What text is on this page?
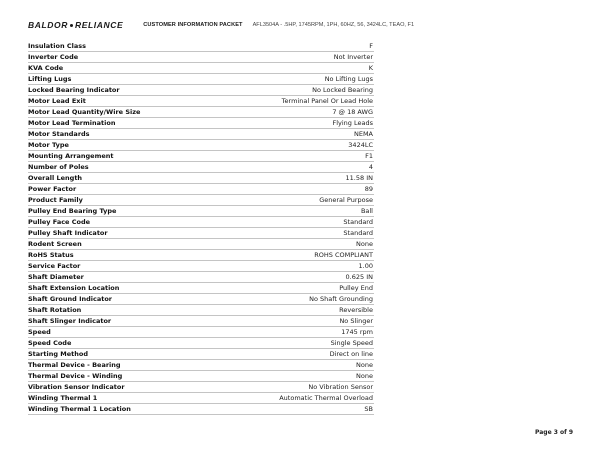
BALDOR RELIANCE	CUSTOMER INFORMATION PACKET AFL3504A - .5HP, 1745RPM, 1PH, 60HZ, 56, 3424LC, TEAO, F1
Insulation Class	F
Inverter Code	Not Inverter
KVA Code	K
Lifting Lugs	No Lifting Lugs
Locked Bearing Indicator	No Locked Bearing
Motor Lead Exit	Terminal Panel Or Lead Hole
Motor Lead Quantity/Wire Size	7 @ 18 AWG
Motor Lead Termination	Flying Leads
Motor Standards	NEMA
Motor Type	3424LC
Mounting Arrangement	F1
Number of Poles	4
Overall Length	11.58 IN
Power Factor	89
Product Family	General Purpose
Pulley End Bearing Type	Ball
Pulley Face Code	Standard
Pulley Shaft Indicator	Standard
Rodent Screen	None
RoHS Status	ROHS COMPLIANT
Service Factor	1.00
Shaft Diameter	0.625 IN
Shaft Extension Location	Pulley End
Shaft Ground Indicator	No Shaft Grounding
Shaft Rotation	Reversible
Shaft Slinger Indicator	No Slinger
Speed	1745 rpm
Speed Code	Single Speed
Starting Method	Direct on line
Thermal Device - Bearing	None
Thermal Device - Winding	None
Vibration Sensor Indicator	No Vibration Sensor
Winding Thermal 1	Automatic Thermal Overload
Winding Thermal 1 Location	SB
Page 3 of 9
